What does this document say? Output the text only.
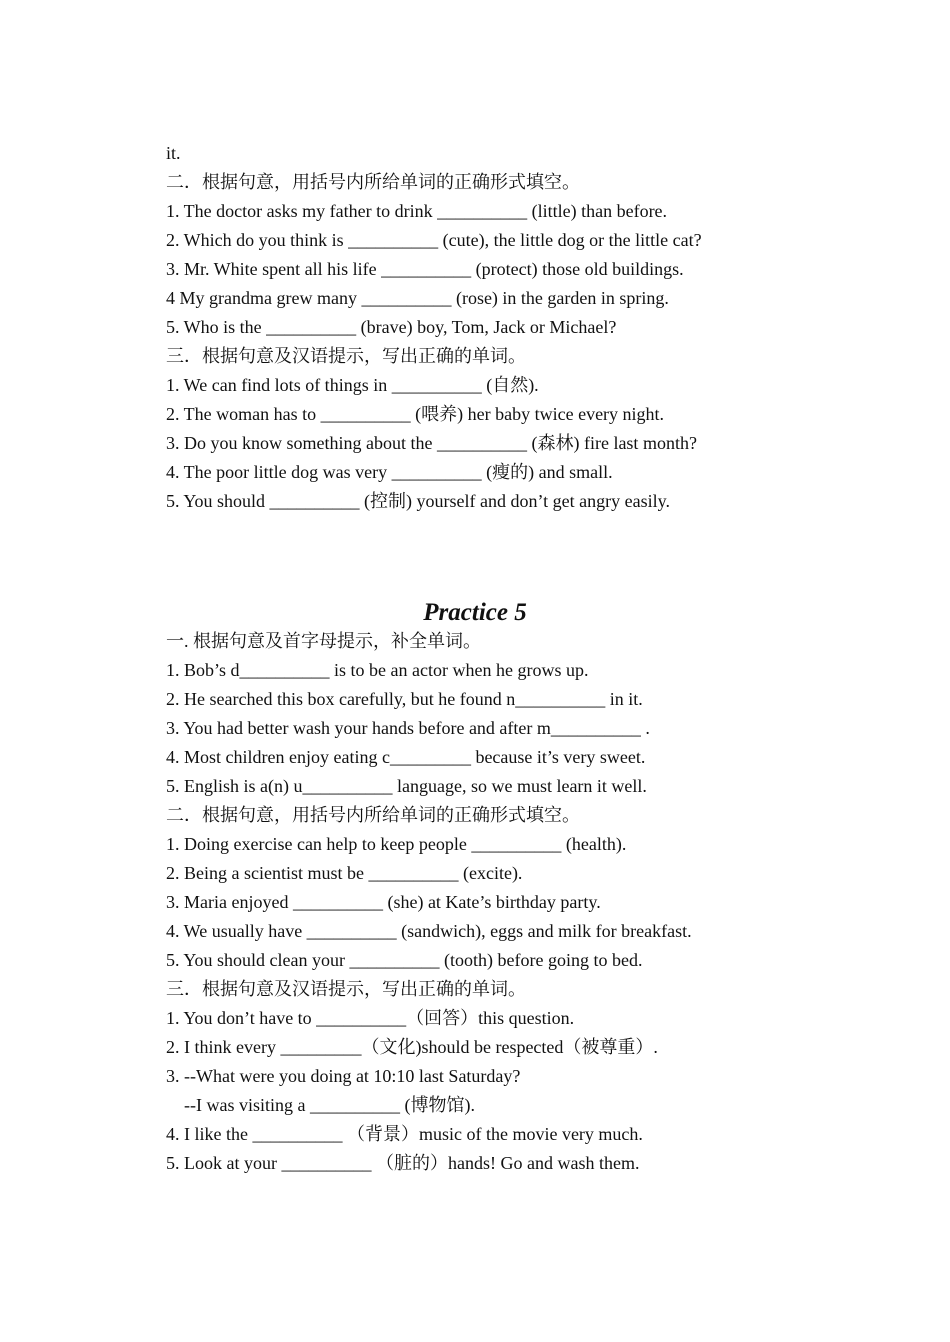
it.
二．根据句意，用括号内所给单词的正确形式填空。
1. The doctor asks my father to drink __________ (little) than before.
2. Which do you think is __________ (cute), the little dog or the little cat?
3. Mr. White spent all his life __________ (protect) those old buildings.
4 My grandma grew many __________ (rose) in the garden in spring.
5. Who is the __________ (brave) boy, Tom, Jack or Michael?
三．根据句意及汉语提示，写出正确的单词。
1. We can find lots of things in __________ (自然).
2. The woman has to __________ (喂养) her baby twice every night.
3. Do you know something about the __________ (森林) fire last month?
4. The poor little dog was very __________ (瘦的) and small.
5. You should __________ (控制) yourself and don’t get angry easily.
Practice 5
一. 根据句意及首字母提示，补全单词。
1. Bob’s d__________ is to be an actor when he grows up.
2. He searched this box carefully, but he found n__________ in it.
3. You had better wash your hands before and after m__________ .
4. Most children enjoy eating c_________ because it’s very sweet.
5. English is a(n) u__________ language, so we must learn it well.
二．根据句意，用括号内所给单词的正确形式填空。
1. Doing exercise can help to keep people __________ (health).
2. Being a scientist must be __________ (excite).
3. Maria enjoyed __________ (she) at Kate’s birthday party.
4. We usually have __________ (sandwich), eggs and milk for breakfast.
5. You should clean your __________ (tooth) before going to bed.
三．根据句意及汉语提示，写出正确的单词。
1. You don’t have to __________（回答）this question.
2. I think every _________（文化)should be respected（被尊重）.
3. --What were you doing at 10:10 last Saturday?
--I was visiting a __________ (博物馆).
4. I like the __________ （背景）music of the movie very much.
5. Look at your __________ （脏的）hands! Go and wash them.
